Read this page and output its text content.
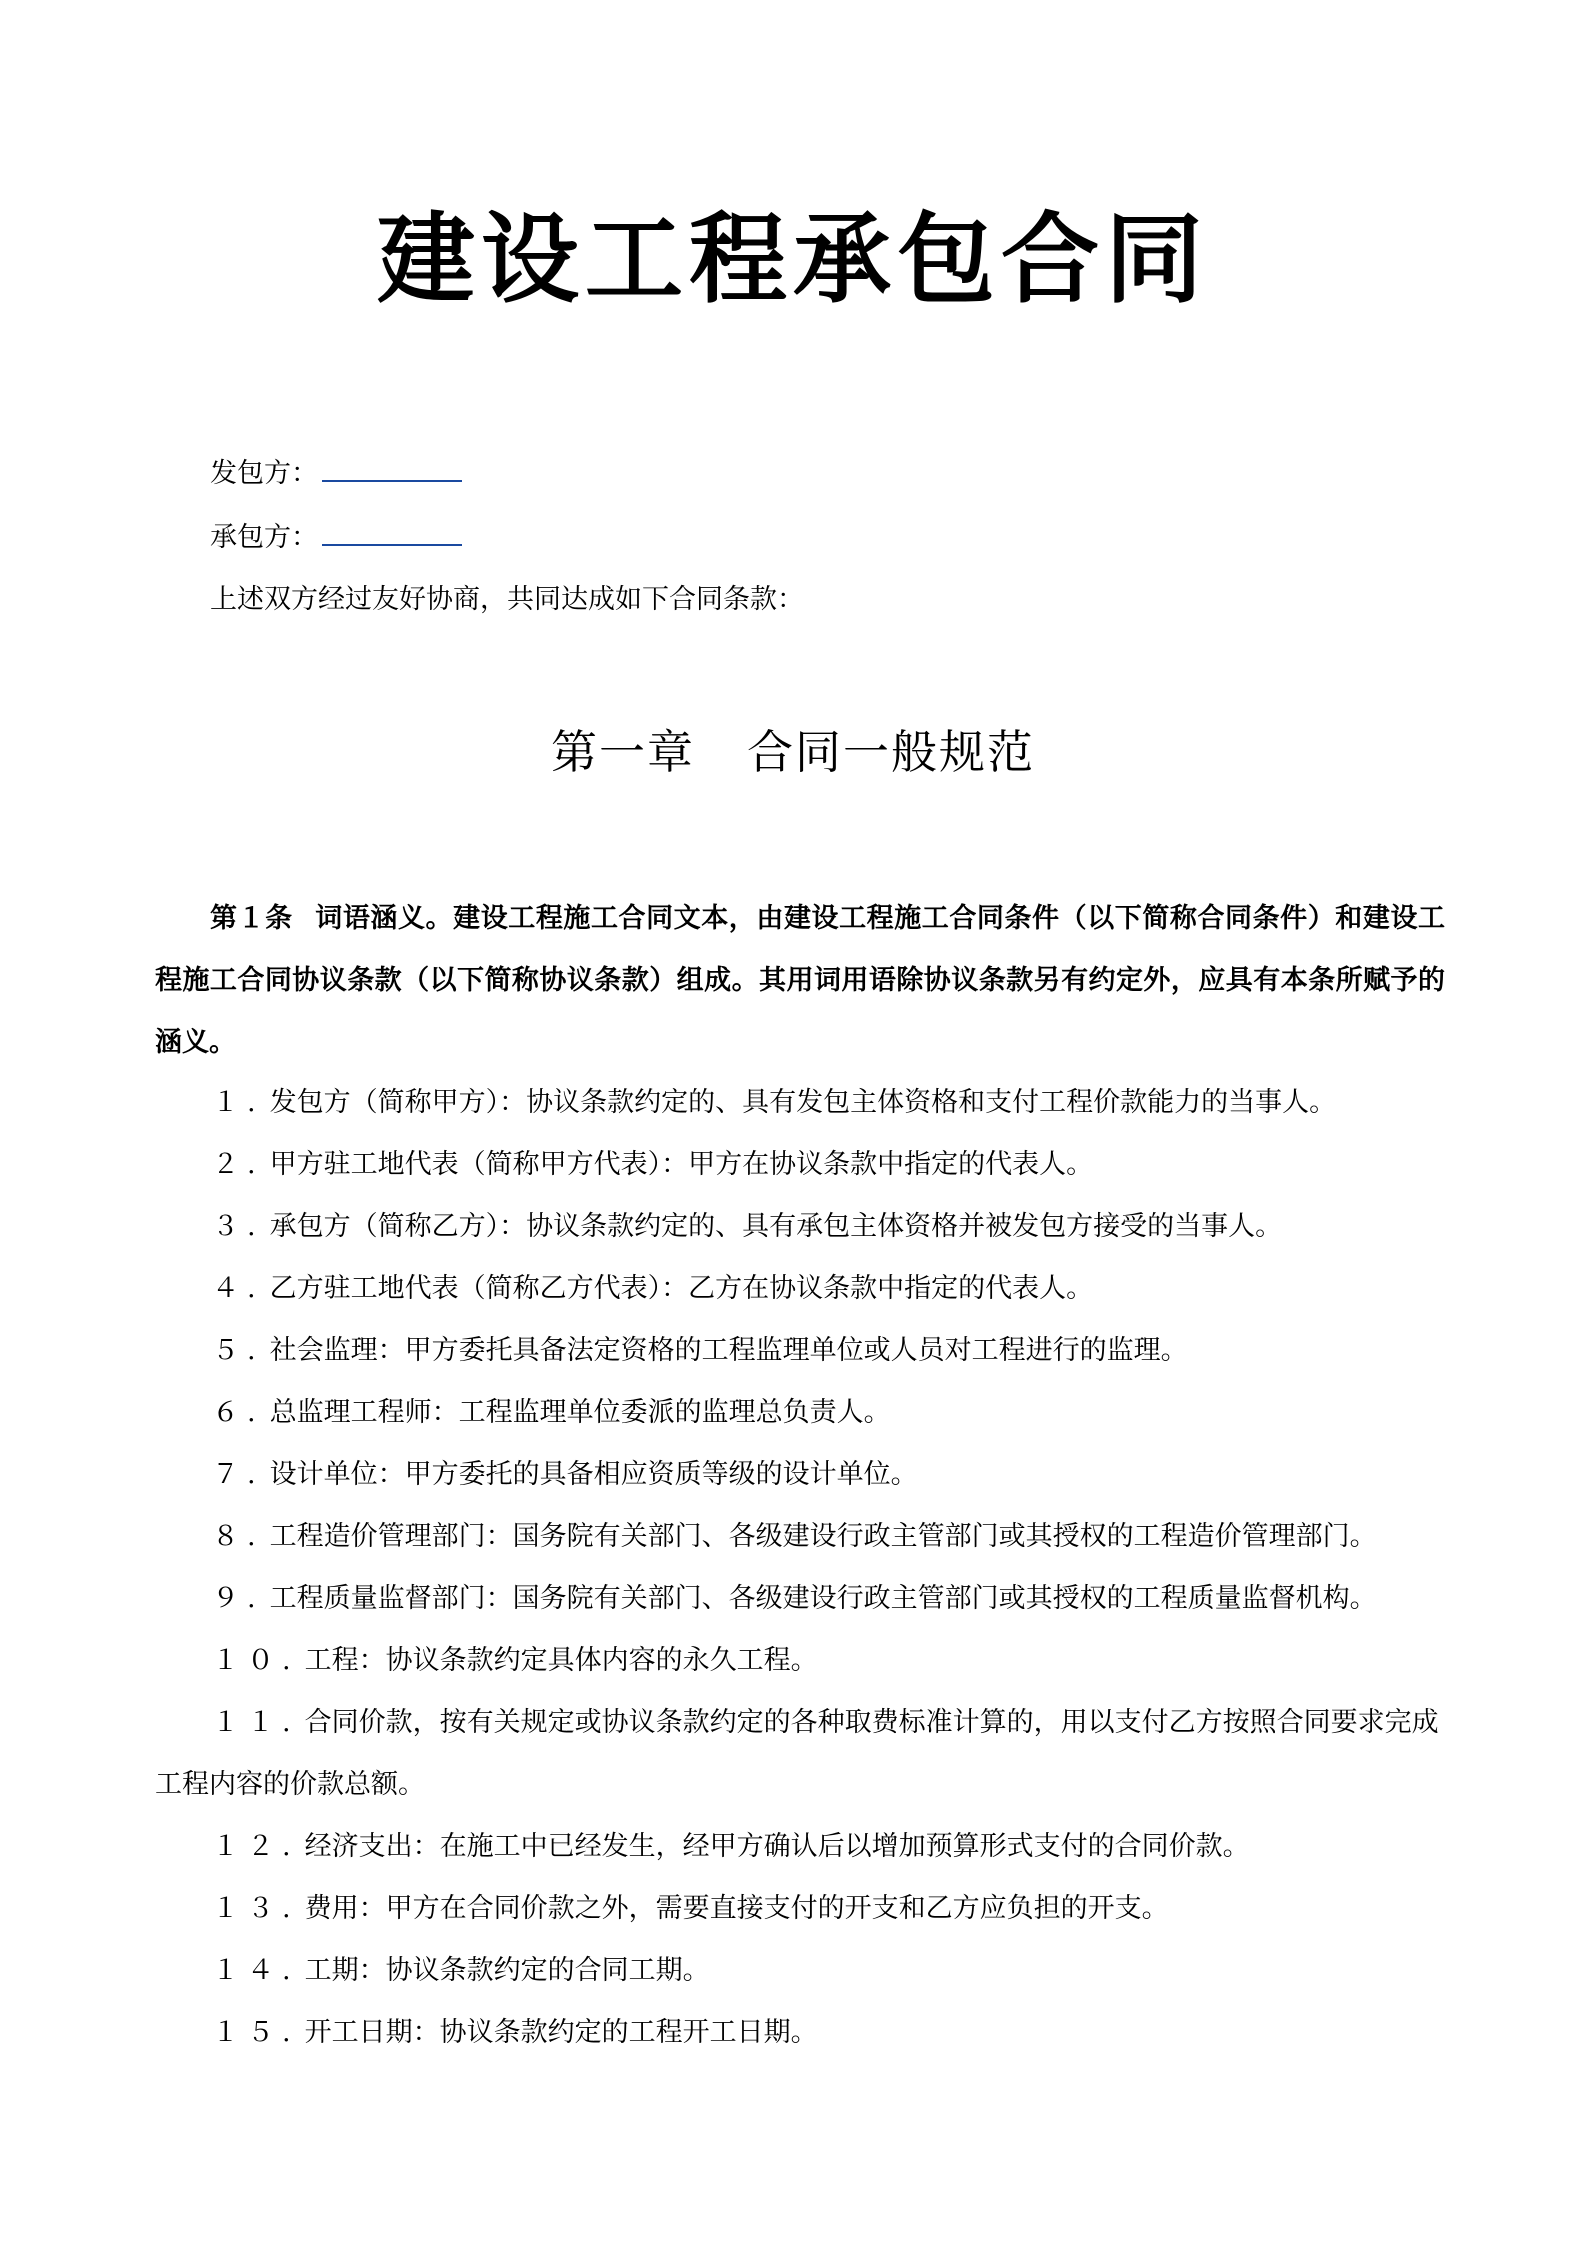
建设工程承包合同
发包方：
承包方：
上述双方经过友好协商，共同达成如下合同条款：
第一章 合同一般规范

第１条 词语涵义。建设工程施工合同文本，由建设工程施工合同条件（以下简称合同条件）和建设工程施工合同协议条款（以下简称协议条款）组成。其用词用语除协议条款另有约定外，应具有本条所赋予的涵义。

１. 发包方（简称甲方）：协议条款约定的、具有发包主体资格和支付工程价款能力的当事人。

２. 甲方驻工地代表（简称甲方代表）：甲方在协议条款中指定的代表人。

３. 承包方（简称乙方）：协议条款约定的、具有承包主体资格并被发包方接受的当事人。

４. 乙方驻工地代表（简称乙方代表）：乙方在协议条款中指定的代表人。

５. 社会监理：甲方委托具备法定资格的工程监理单位或人员对工程进行的监理。

６. 总监理工程师：工程监理单位委派的监理总负责人。

７. 设计单位：甲方委托的具备相应资质等级的设计单位。

８. 工程造价管理部门：国务院有关部门、各级建设行政主管部门或其授权的工程造价管理部门。

９. 工程质量监督部门：国务院有关部门、各级建设行政主管部门或其授权的工程质量监督机构。

１０. 工程：协议条款约定具体内容的永久工程。

１１. 合同价款，按有关规定或协议条款约定的各种取费标准计算的，用以支付乙方按照合同要求完成工程内容的价款总额。

１２. 经济支出：在施工中已经发生，经甲方确认后以增加预算形式支付的合同价款。

１３. 费用：甲方在合同价款之外，需要直接支付的开支和乙方应负担的开支。

１４. 工期：协议条款约定的合同工期。

１５. 开工日期：协议条款约定的工程开工日期。
